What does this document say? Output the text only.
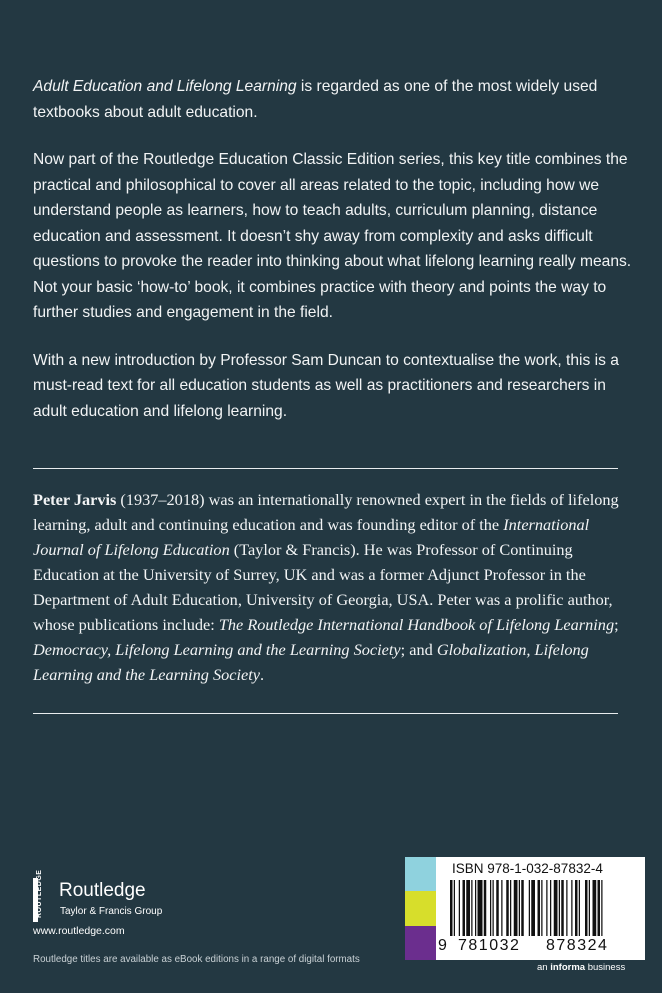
Adult Education and Lifelong Learning is regarded as one of the most widely used textbooks about adult education.

Now part of the Routledge Education Classic Edition series, this key title combines the practical and philosophical to cover all areas related to the topic, including how we understand people as learners, how to teach adults, curriculum planning, distance education and assessment. It doesn’t shy away from complexity and asks difficult questions to provoke the reader into thinking about what lifelong learning really means. Not your basic ‘how-to’ book, it combines practice with theory and points the way to further studies and engagement in the field.

With a new introduction by Professor Sam Duncan to contextualise the work, this is a must-read text for all education students as well as practitioners and researchers in adult education and lifelong learning.

Peter Jarvis (1937–2018) was an internationally renowned expert in the fields of lifelong learning, adult and continuing education and was founding editor of the International Journal of Lifelong Education (Taylor & Francis). He was Professor of Continuing Education at the University of Surrey, UK and was a former Adjunct Professor in the Department of Adult Education, University of Georgia, USA. Peter was a prolific author, whose publications include: The Routledge International Handbook of Lifelong Learning; Democracy, Lifelong Learning and the Learning Society; and Globalization, Lifelong Learning and the Learning Society.

ROUTLEDGE Routledge
Taylor & Francis Group
www.routledge.com
Routledge titles are available as eBook editions in a range of digital formats
ISBN 978-1-032-87832-4
9 781032 878324
an informa business
